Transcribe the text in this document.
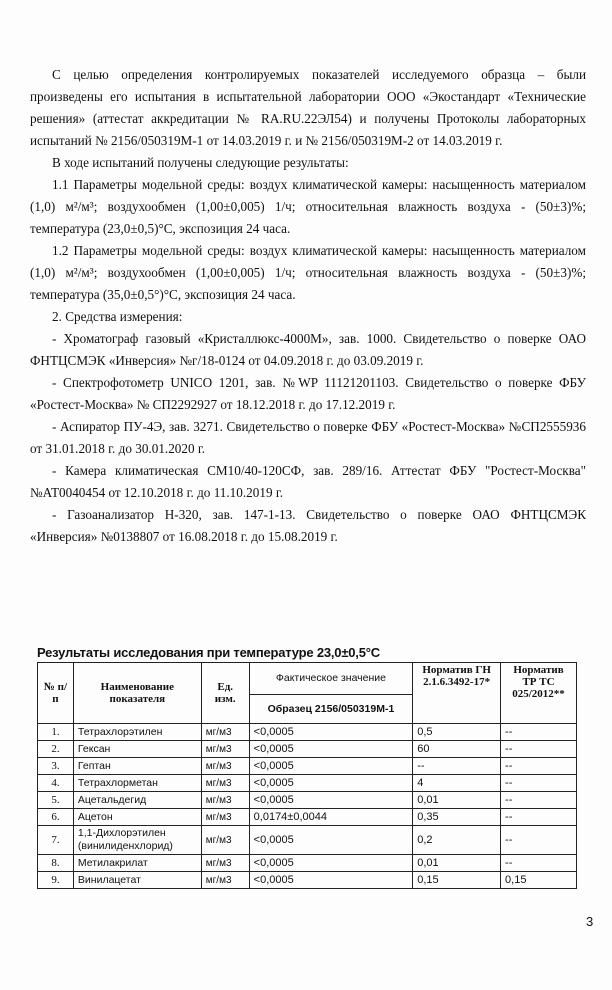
С целью определения контролируемых показателей исследуемого образца – были произведены его испытания в испытательной лаборатории ООО «Экостандарт «Технические решения» (аттестат аккредитации № RA.RU.22ЭЛ54) и получены Протоколы лабораторных испытаний № 2156/050319М-1 от 14.03.2019 г. и № 2156/050319М-2 от 14.03.2019 г.

В ходе испытаний получены следующие результаты:

1.1 Параметры модельной среды: воздух климатической камеры: насыщенность материалом (1,0) м²/м³; воздухообмен (1,00±0,005) 1/ч; относительная влажность воздуха - (50±3)%; температура (23,0±0,5)°С, экспозиция 24 часа.

1.2 Параметры модельной среды: воздух климатической камеры: насыщенность материалом (1,0) м²/м³; воздухообмен (1,00±0,005) 1/ч; относительная влажность воздуха - (50±3)%; температура (35,0±0,5°)°С, экспозиция 24 часа.

2. Средства измерения:

- Хроматограф газовый «Кристаллюкс-4000М», зав. 1000. Свидетельство о поверке ОАО ФНТЦСМЭК «Инверсия» №г/18-0124 от 04.09.2018 г. до 03.09.2019 г.

- Спектрофотометр UNICO 1201, зав. №WP 11121201103. Свидетельство о поверке ФБУ «Ростест-Москва» № СП2292927 от 18.12.2018 г. до 17.12.2019 г.

- Аспиратор ПУ-4Э, зав. 3271. Свидетельство о поверке ФБУ «Ростест-Москва» №СП2555936 от 31.01.2018 г. до 30.01.2020 г.

- Камера климатическая СМ10/40-120СФ, зав. 289/16. Аттестат ФБУ "Ростест-Москва" №АТ0040454 от 12.10.2018 г. до 11.10.2019 г.

- Газоанализатор Н-320, зав. 147-1-13. Свидетельство о поверке ОАО ФНТЦСМЭК «Инверсия» №0138807 от 16.08.2018 г. до 15.08.2019 г.

Результаты исследования при температуре 23,0±0,5°С
№ п/п	Наименование показателя	Ед. изм.	Фактическое значение	Норматив ГН 2.1.6.3492-17*	Норматив ТР ТС 025/2012**
			Образец 2156/050319М-1		
1.	Тетрахлорэтилен	мг/м3	<0,0005	0,5	--
2.	Гексан	мг/м3	<0,0005	60	--
3.	Гептан	мг/м3	<0,0005	--	--
4.	Тетрахлорметан	мг/м3	<0,0005	4	--
5.	Ацетальдегид	мг/м3	<0,0005	0,01	--
6.	Ацетон	мг/м3	0,0174±0,0044	0,35	--
7.	1,1-Дихлорэтилен (винилиденхлорид)	мг/м3	<0,0005	0,2	--
8.	Метилакрилат	мг/м3	<0,0005	0,01	--
9.	Винилацетат	мг/м3	<0,0005	0,15	0,15
3
